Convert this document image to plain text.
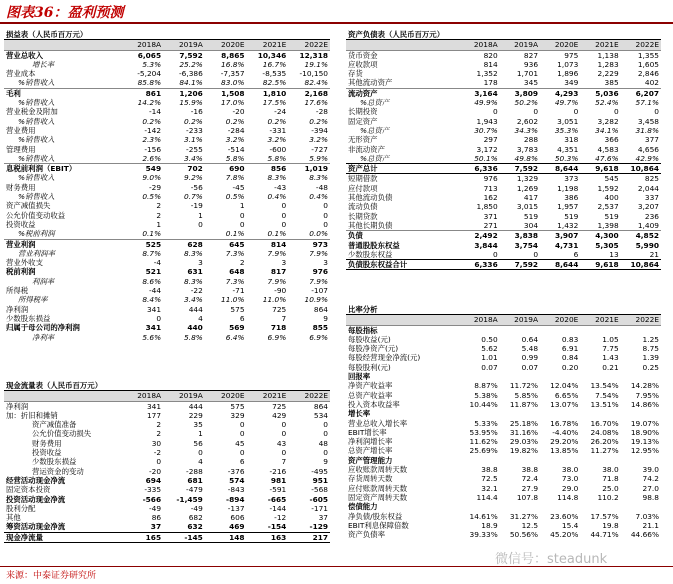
图表36：盈利预测
损益表（人民币百万元）					
	2018A	2019A	2020E	2021E	2022E
营业总收入	6,065	7,592	8,865	10,346	12,318
增长率	5.3%	25.2%	16.8%	16.7%	19.1%
营业成本	-5,204	-6,386	-7,357	-8,535	-10,150
%销售收入	85.8%	84.1%	83.0%	82.5%	82.4%
毛利	861	1,206	1,508	1,810	2,168
%销售收入	14.2%	15.9%	17.0%	17.5%	17.6%
营业税金及附加	-14	-16	-20	-24	-28
%销售收入	0.2%	0.2%	0.2%	0.2%	0.2%
营业费用	-142	-233	-284	-331	-394
%销售收入	2.3%	3.1%	3.2%	3.2%	3.2%
管理费用	-156	-255	-514	-600	-727
%销售收入	2.6%	3.4%	5.8%	5.8%	5.9%
息税前利润（EBIT）	549	702	690	856	1,019
%销售收入	9.0%	9.2%	7.8%	8.3%	8.3%
财务费用	-29	-56	-45	-43	-48
%销售收入	0.5%	0.7%	0.5%	0.4%	0.4%
资产减值损失	2	-19	1	0	0
公允价值变动收益	2	1	0	0	0
投资收益	1	0	0	0	0
%税前利润	0.1%		0.1%	0.1%	0.0%
营业利润	525	628	645	814	973
营业利润率	8.7%	8.3%	7.3%	7.9%	7.9%
营业外收支	-4	3	2	3	3
税前利润	521	631	648	817	976
利润率	8.6%	8.3%	7.3%	7.9%	7.9%
所得税	-44	-22	-71	-90	-107
所得税率	8.4%	3.4%	11.0%	11.0%	10.9%
净利润	341	444	575	725	864
少数股东损益	0	4	6	7	9
归属于母公司的净利润	341	440	569	718	855
净利率	5.6%	5.8%	6.4%	6.9%	6.9%
资产负债表（人民币百万元）					
	2018A	2019A	2020E	2021E	2022E
货币资金	820	827	975	1,138	1,355
应收款项	814	936	1,073	1,283	1,605
存货	1,352	1,701	1,896	2,229	2,846
其他流动资产	178	345	349	385	402
流动资产	3,164	3,809	4,293	5,036	6,207
%总资产	49.9%	50.2%	49.7%	52.4%	57.1%
长期投资	0	0	0	0	0
固定资产	1,943	2,602	3,051	3,282	3,458
%总资产	30.7%	34.3%	35.3%	34.1%	31.8%
无形资产	297	288	318	366	377
非流动资产	3,172	3,783	4,351	4,583	4,656
%总资产	50.1%	49.8%	50.3%	47.6%	42.9%
资产总计	6,336	7,592	8,644	9,618	10,864
短期借款	976	1,329	373	545	825
应付款项	713	1,269	1,198	1,592	2,044
其他流动负债	162	417	386	400	337
流动负债	1,850	3,015	1,957	2,537	3,207
长期贷款	371	519	519	519	236
其他长期负债	271	304	1,432	1,398	1,409
负债	2,492	3,838	3,907	4,300	4,852
普通股股东权益	3,844	3,754	4,731	5,305	5,990
少数股东权益	0	0	6	13	21
负债股东权益合计	6,336	7,592	8,644	9,618	10,864
现金流量表（人民币百万元）					
	2018A	2019A	2020E	2021E	2022E
净利润	341	444	575	725	864
加：折旧和摊销	177	229	329	429	534
资产减值准备	2	35	0	0	0
公允价值变动损失	2	1	0	0	0
财务费用	30	56	45	43	48
投资收益	-2	0	0	0	0
少数股东损益	0	4	6	7	9
营运资金的变动	-20	-288	-376	-216	-495
经营活动现金净流	694	681	574	981	951
固定资本投资	-335	-479	-843	-591	-568
投资活动现金净流	-566	-1,459	-894	-665	-605
股利分配	-49	-49	-137	-144	-171
其他	86	682	606	-12	37
筹资活动现金净流	37	632	469	-154	-129
现金净流量	165	-145	148	163	217
比率分析					
	2018A	2019A	2020E	2021E	2022E
每股指标					
每股收益(元)	0.50	0.64	0.83	1.05	1.25
每股净资产(元)	5.62	5.48	6.91	7.75	8.75
每股经营现金净流(元)	1.01	0.99	0.84	1.43	1.39
每股股利(元)	0.07	0.07	0.20	0.21	0.25
回报率					
净资产收益率	8.87%	11.72%	12.04%	13.54%	14.28%
总资产收益率	5.38%	5.85%	6.65%	7.54%	7.95%
投入资本收益率	10.44%	11.87%	13.07%	13.51%	14.86%
增长率					
营业总收入增长率	5.33%	25.18%	16.78%	16.70%	19.07%
EBIT增长率	53.95%	31.16%	-4.40%	24.08%	18.90%
净利润增长率	11.62%	29.03%	29.20%	26.20%	19.13%
总资产增长率	25.69%	19.82%	13.85%	11.27%	12.95%
资产管理能力					
应收账款周转天数	38.8	38.8	38.0	38.0	39.0
存货周转天数	72.5	72.4	73.0	71.8	74.2
应付账款周转天数	32.1	27.9	29.0	25.0	27.0
固定资产周转天数	114.4	107.8	114.8	110.2	98.8
偿债能力					
净负债/股东权益	14.61%	31.27%	23.60%	17.57%	7.03%
EBIT利息保障倍数	18.9	12.5	15.4	19.8	21.1
资产负债率	39.33%	50.56%	45.20%	44.71%	44.66%
微信号：steadunk
来源：中泰证券研究所
